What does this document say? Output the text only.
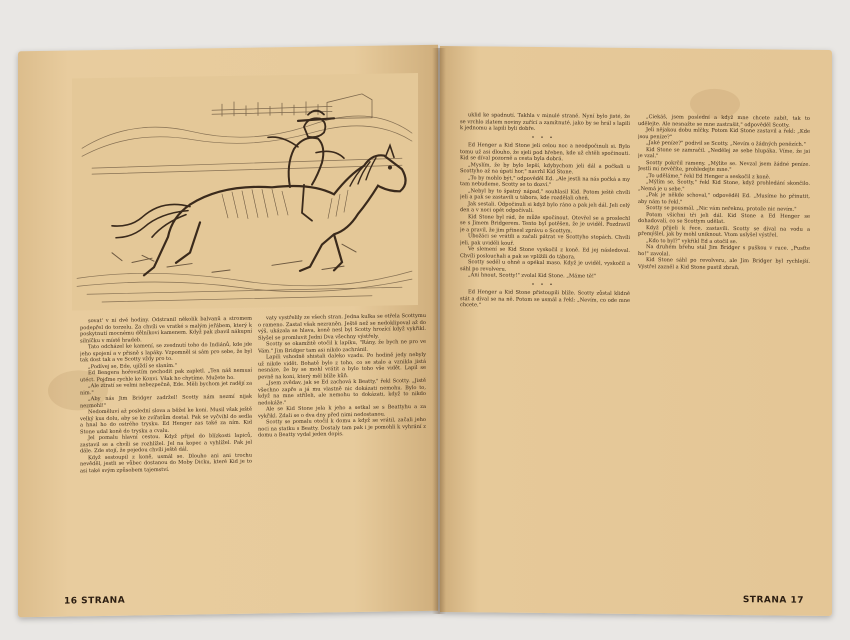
sovat' v ní dvě hodiny. Odstranil několik balvanů a stromem podepřel do torzelu. Za chvíli ve vratké s malým jeřábem, který k poskytnutí mocnému dělníkovi kamenem. Když pak zbavil nákupní silníčku v místě hradeb.

Tato odcházel ke kamení, se zvednutí toho do Indiánů, kde jde jeho spojení a v přisně s lapáky. Vzpomněl si sám pro sebe, že byl tak dost tak a ve Scotty vždy pro to.

„Podívej se, Ede, ujíždí se slaním."

Ed Bengera hořovstím nechodit pak zapletl. „Ten náš nemusí utéct. Pojďme rychle ke Konvi. Však ho chytíme. Mužete ho.

„Ale ztratí se velmi nebezpečně, Ede. Měli bychom jet radějí za nim."

„Aby nás Jim Bridger zadržel! Scotty nám nezmí nijak nezmohl!"

Nedoměluví až poslední slova a běžel ke koni. Musil však ještě velký kus dolu, aby se ke zvířatům dostal. Pak se vyčvihl do sedla a hnal ho do ostrého trysku. Ed Henger zas také za ním. Kid Stone udal koně do trysku a cvalu.

Jel pomalu hlavní cestou. Když přijel do blízkosti lapiců, zastavil se a chvíli se rozhlížel. Jel na kopec a vyhlížel. Pak jel dále. Zde stojí, že pojedou chvíli ještě dál.

Když sestoupil z koně, usmál se. Dlouho ani ani trochu nevěděl, jestli se vůbec dostanou do Moby Dicku, které Kid je to asi také svým způsobem tajemství.

vaty vystřelily ze všech stran. Jedna kulka se otřela Scottymu o rameno. Zastal však nezraněn. Ještě než se nedoklipoval až do výš, ukázala se hlava, koně nesl byl Scotty hrozící když vykřikl. Slyšel se promluvit Jedni Dva všechny výstřely.

Scotty se okamžitě otočil k lapíku, "Rány, že bych ne pro ve Vám." Jim Bridger tam asi nikdo zachránil.

Lapili vshodně shistali daleko vzadu. Po hodině jedy nebyly už nikde vidět. Bohatě bylo z toho, co se stalo a vznikla jistá nesnáze, že by se mohl vrátit a bylo toho vše vidět. Lapil se pevně na koni, který měl blíže kůň.

„Jsem zvědav, jak se Ed zachová k Beatty," řekl Scotty. „Jistě všechno zapře a já mu vlastně nic dokázati nemohu. Bylo to, když na mne stříleli, ale nemohu to dokázati, když to nikdo nedokáže."

Ale se Kid Stone jela k jeho a setkal se s Beattyhu a za vykřikl. Zdali se o dva dny před nimi nedostanou.

Scotty se pomalu otočil k domu a když se vrátil, začali jeho noci na statku s Beatty. Dostaly tam pak i je pomohli k vyhrání z domu a Beatty vydal jeden dopis.

16 STRANA

uklid ke spadnutí. Takhla v minulé straně. Nyní bylo jisté, že se vrchlo zlatem noviny zuřící a zamítnuté, jako by se hrál s lapili k jednomu a lapili byli dobře.

•••

Ed Henger a Kid Stone jeli celou noc a neodpočinuli si. Bylo tomu už asi dlouho, že sjeli pod hřeben, kde už chtěli spočinouti. Kid se díval pozorně a cesta byla dobrá.

„Myslím, že by bylo lepší, kdybychom jeli dál a počkali u Scottyho až na úpatí hor," navrhl Kid Stone.

„To by mohlo být," odpověděl Ed. „Ale jestli na nás počká a my tam nebudeme, Scotty se to dozví."

„Nebyl by to špatný nápad," souhlasil Kid. Potom ještě chvíli jeli a pak se zastavili u tábora, kde rozdělali oheň.

Jak sestali. Odpočinuli si když bylo ráno a pak jeli dál. Jeli celý den a v noci opět odpočívali.

Kid Stone byl rád, že může spočinout. Otevřel se a proslechl se s Jimem Bridgerem. Tento byl potěšen, že je uviděl. Pozdravil je a pravil, že jim přinesl zprávu o Scottym.

Ubožáci se vrátili a začali pátrat ve Scottyho stopách. Chvíli jeli, pak uviděli kouř.

Ve slemení se Kid Stone vyskočil z koně. Ed jej následoval. Chvíli poslouchali a pak se vplížili do tábora.

Scotty seděl u ohně a opékal maso. Když je uviděl, vyskočil a sáhl po revolveru.

„Ani hnout, Scotty!" zvolal Kid Stone. „Máme tě!"

•••

Ed Henger a Kid Stone přistoupili blíže. Scotty zůstal klidně stát a díval se na ně. Potom se usmál a řekl: „Nevím, co ode mne chcete."

„Ciekáš, jsem poslední a když mne chcete zabít, tak to udělejte. Ale nesnažte se mne zastrašit," odpověděl Scotty.

Jeli nějakou dobu mlčky. Potom Kid Stone zastavil a řekl: „Kde jsou peníze?"

„Jaké peníze?" podivil se Scotty. „Nevím o žádných penězích."

Kid Stone se zamračil. „Nedělej ze sebe hlupáka. Víme, že jsi je vzal."

Scotty pokrčil rameny. „Mýlíte se. Nevzal jsem žádné peníze. Jestli mi nevěříte, prohledejte mne."

„To uděláme," řekl Ed Henger a seskočil z koně.

„Mýlím se, Scotty," řekl Kid Stone, když prohledání skončilo. „Nemá je u sebe."

„Pak je někde schoval," odpověděl Ed. „Musíme ho přinutit, aby nám to řekl."

Scotty se pousmál. „Nic vám neřeknu, protože nic nevím."

Potom všichni tři jeli dál. Kid Stone a Ed Henger se dohadovali, co se Scottym udělat.

Když přijeli k řece, zastavili. Scotty se díval na vodu a přemýšlel, jak by mohl uniknout. Vtom uslyšel výstřel.

„Kdo to byl?" vykřikl Ed a otočil se.

Na druhém břehu stál Jim Bridger s puškou v ruce. „Pusťte ho!" zavolal.

Kid Stone sáhl po revolveru, ale Jim Bridger byl rychlejší. Výstřel zazněl a Kid Stone pustil zbraň.

STRANA 17
